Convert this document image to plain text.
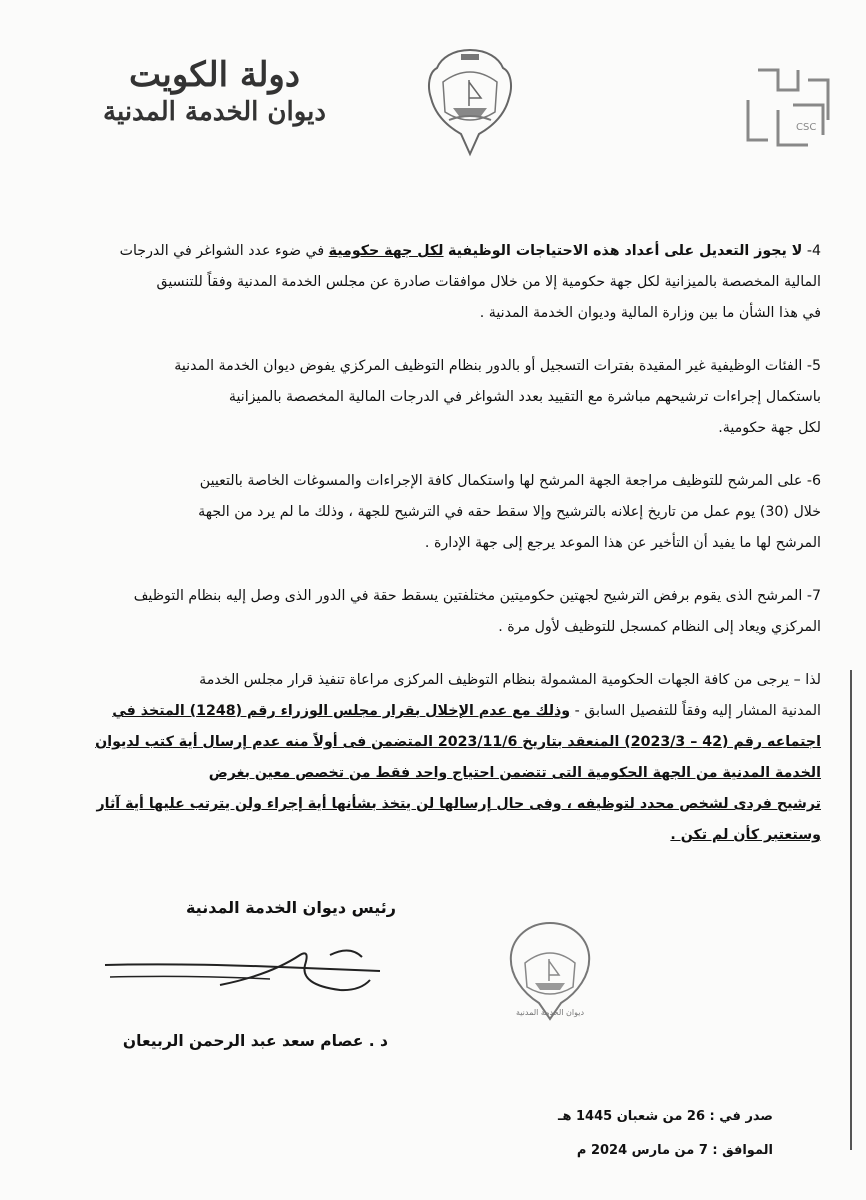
دولة الكويت
ديوان الخدمة المدنية
CSC
4- لا يجوز التعديل على أعداد هذه الاحتياجات الوظيفية لكل جهة حكومية في ضوء عدد الشواغر في الدرجات
المالية المخصصة بالميزانية لكل جهة حكومية إلا من خلال موافقات صادرة عن مجلس الخدمة المدنية وفقاً للتنسيق
في هذا الشأن ما بين وزارة المالية وديوان الخدمة المدنية .
5- الفئات الوظيفية غير المقيدة بفترات التسجيل أو بالدور بنظام التوظيف المركزي يفوض ديوان الخدمة المدنية
باستكمال إجراءات ترشيحهم مباشرة مع التقييد بعدد الشواغر في الدرجات المالية المخصصة بالميزانية
لكل جهة حكومية.
6- على المرشح للتوظيف مراجعة الجهة المرشح لها واستكمال كافة الإجراءات والمسوغات الخاصة بالتعيين
خلال (30) يوم عمل من تاريخ إعلانه بالترشيح وإلا سقط حقه في الترشيح للجهة ، وذلك ما لم يرد من الجهة
المرشح لها ما يفيد أن التأخير عن هذا الموعد يرجع إلى جهة الإدارة .
7- المرشح الذى يقوم برفض الترشيح لجهتين حكوميتين مختلفتين يسقط حقة في الدور الذى وصل إليه بنظام التوظيف
المركزي ويعاد إلى النظام كمسجل للتوظيف لأول مرة .
لذا – يرجى من كافة الجهات الحكومية المشمولة بنظام التوظيف المركزى مراعاة تنفيذ قرار مجلس الخدمة
المدنية المشار إليه وفقاً للتفصيل السابق - وذلك مع عدم الإخلال بقرار مجلس الوزراء رقم (1248) المتخذ في
اجتماعه رقم (42 – 2023/3) المنعقد بتاريخ 2023/11/6 المتضمن فى أولاً منه عدم إرسال أية كتب لديوان
الخدمة المدنية من الجهة الحكومية التى تتضمن احتياج واحد فقط من تخصص معين بغرض
ترشيح فردى لشخص محدد لتوظيفه ، وفى حال إرسالها لن يتخذ بشأنها أية إجراء ولن يترتب عليها أية آثار
وستعتبر كأن لم تكن .
رئيس ديوان الخدمة المدنية
ديوان الخدمة المدنية
د . عصام سعد عبد الرحمن الربيعان
صدر في : 26 من شعبان 1445 هـ
الموافق : 7 من مارس 2024 م
